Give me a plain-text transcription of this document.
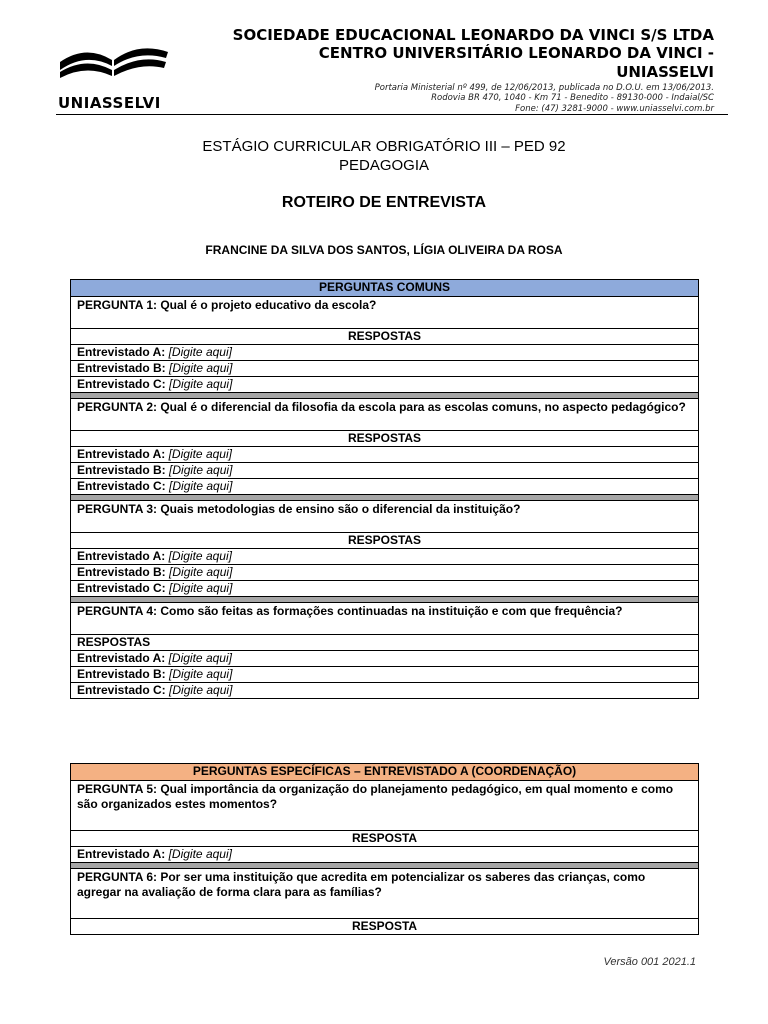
UNIASSELVI
SOCIEDADE EDUCACIONAL LEONARDO DA VINCI S/S LTDA
CENTRO UNIVERSITÁRIO LEONARDO DA VINCI -
UNIASSELVI
Portaria Ministerial nº 499, de 12/06/2013, publicada no D.O.U. em 13/06/2013.
Rodovia BR 470, 1040 - Km 71 - Benedito - 89130-000 - Indaial/SC
Fone: (47) 3281-9000 - www.uniasselvi.com.br
ESTÁGIO CURRICULAR OBRIGATÓRIO III – PED 92
PEDAGOGIA
ROTEIRO DE ENTREVISTA
FRANCINE DA SILVA DOS SANTOS, LÍGIA OLIVEIRA DA ROSA
PERGUNTAS COMUNS
PERGUNTA 1: Qual é o projeto educativo da escola?
RESPOSTAS
Entrevistado A: [Digite aqui]
Entrevistado B: [Digite aqui]
Entrevistado C: [Digite aqui]

PERGUNTA 2: Qual é o diferencial da filosofia da escola para as escolas comuns, no aspecto pedagógico?
RESPOSTAS
Entrevistado A: [Digite aqui]
Entrevistado B: [Digite aqui]
Entrevistado C: [Digite aqui]

PERGUNTA 3: Quais metodologias de ensino são o diferencial da instituição?
RESPOSTAS
Entrevistado A: [Digite aqui]
Entrevistado B: [Digite aqui]
Entrevistado C: [Digite aqui]

PERGUNTA 4: Como são feitas as formações continuadas na instituição e com que frequência?
RESPOSTAS
Entrevistado A: [Digite aqui]
Entrevistado B: [Digite aqui]
Entrevistado C: [Digite aqui]
PERGUNTAS ESPECÍFICAS – ENTREVISTADO A (COORDENAÇÃO)
PERGUNTA 5: Qual importância da organização do planejamento pedagógico, em qual momento e como são organizados estes momentos?
RESPOSTA
Entrevistado A: [Digite aqui]

PERGUNTA 6: Por ser uma instituição que acredita em potencializar os saberes das crianças, como agregar na avaliação de forma clara para as famílias?
RESPOSTA
Versão 001 2021.1
